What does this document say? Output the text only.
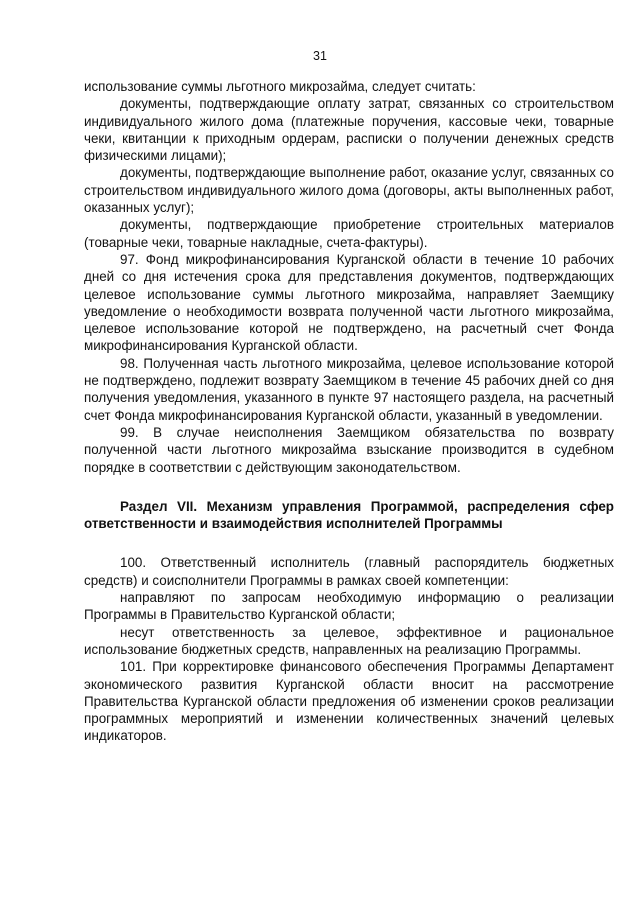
31

использование суммы льготного микрозайма, следует считать:

документы, подтверждающие оплату затрат, связанных со строительством индивидуального жилого дома (платежные поручения, кассовые чеки, товарные чеки, квитанции к приходным ордерам, расписки о получении денежных средств физическими лицами);

документы, подтверждающие выполнение работ, оказание услуг, связанных со строительством индивидуального жилого дома (договоры, акты выполненных работ, оказанных услуг);

документы, подтверждающие приобретение строительных материалов (товарные чеки, товарные накладные, счета-фактуры).

97. Фонд микрофинансирования Курганской области в течение 10 рабочих дней со дня истечения срока для представления документов, подтверждающих целевое использование суммы льготного микрозайма, направляет Заемщику уведомление о необходимости возврата полученной части льготного микрозайма, целевое использование которой не подтверждено, на расчетный счет Фонда микрофинансирования Курганской области.

98. Полученная часть льготного микрозайма, целевое использование которой не подтверждено, подлежит возврату Заемщиком в течение 45 рабочих дней со дня получения уведомления, указанного в пункте 97 настоящего раздела, на расчетный счет Фонда микрофинансирования Курганской области, указанный в уведомлении.

99. В случае неисполнения Заемщиком обязательства по возврату полученной части льготного микрозайма взыскание производится в судебном порядке в соответствии с действующим законодательством.

Раздел VII. Механизм управления Программой, распределения сфер ответственности и взаимодействия исполнителей Программы

100. Ответственный исполнитель (главный распорядитель бюджетных средств) и соисполнители Программы в рамках своей компетенции:

направляют по запросам необходимую информацию о реализации Программы в Правительство Курганской области;

несут ответственность за целевое, эффективное и рациональное использование бюджетных средств, направленных на реализацию Программы.

101. При корректировке финансового обеспечения Программы Департамент экономического развития Курганской области вносит на рассмотрение Правительства Курганской области предложения об изменении сроков реализации программных мероприятий и изменении количественных значений целевых индикаторов.
